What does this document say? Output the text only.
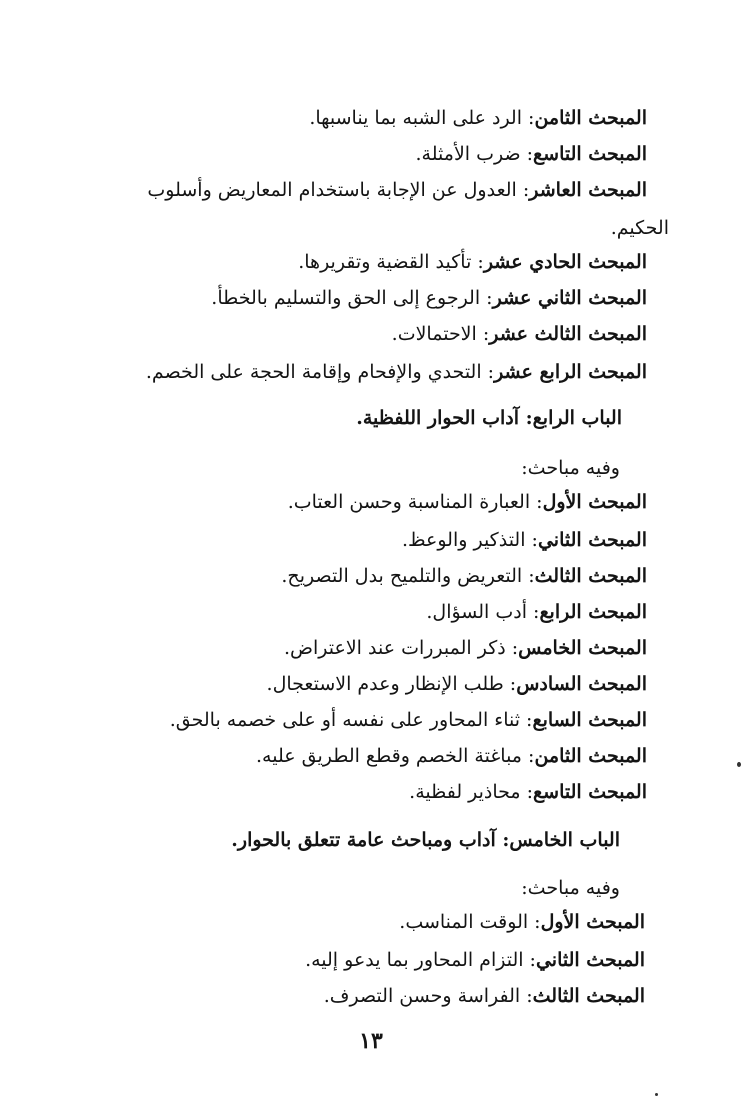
المبحث الثامن: الرد على الشبه بما يناسبها.
المبحث التاسع: ضرب الأمثلة.
المبحث العاشر: العدول عن الإجابة باستخدام المعاريض وأسلوب
الحكيم.
المبحث الحادي عشر: تأكيد القضية وتقريرها.
المبحث الثاني عشر: الرجوع إلى الحق والتسليم بالخطأ.
المبحث الثالث عشر: الاحتمالات.
المبحث الرابع عشر: التحدي والإفحام وإقامة الحجة على الخصم.
الباب الرابع: آداب الحوار اللفظية.
وفيه مباحث:
المبحث الأول: العبارة المناسبة وحسن العتاب.
المبحث الثاني: التذكير والوعظ.
المبحث الثالث: التعريض والتلميح بدل التصريح.
المبحث الرابع: أدب السؤال.
المبحث الخامس: ذكر المبررات عند الاعتراض.
المبحث السادس: طلب الإنظار وعدم الاستعجال.
المبحث السابع: ثناء المحاور على نفسه أو على خصمه بالحق.
المبحث الثامن: مباغتة الخصم وقطع الطريق عليه.
المبحث التاسع: محاذير لفظية.
الباب الخامس: آداب ومباحث عامة تتعلق بالحوار.
وفيه مباحث:
المبحث الأول: الوقت المناسب.
المبحث الثاني: التزام المحاور بما يدعو إليه.
المبحث الثالث: الفراسة وحسن التصرف.
١٣
